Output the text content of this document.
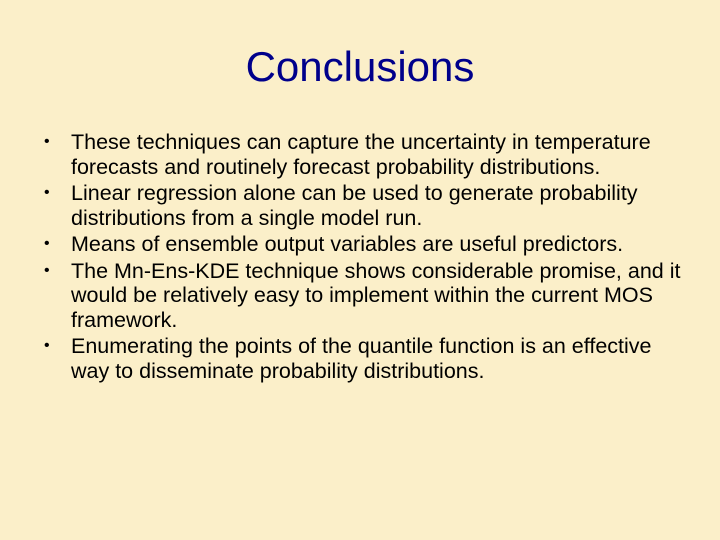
Conclusions
• These techniques can capture the uncertainty in temperature forecasts and routinely forecast probability distributions.
• Linear regression alone can be used to generate probability distributions from a single model run.
• Means of ensemble output variables are useful predictors.
• The Mn-Ens-KDE technique shows considerable promise, and it would be relatively easy to implement within the current MOS framework.
• Enumerating the points of the quantile function is an effective way to disseminate probability distributions.
